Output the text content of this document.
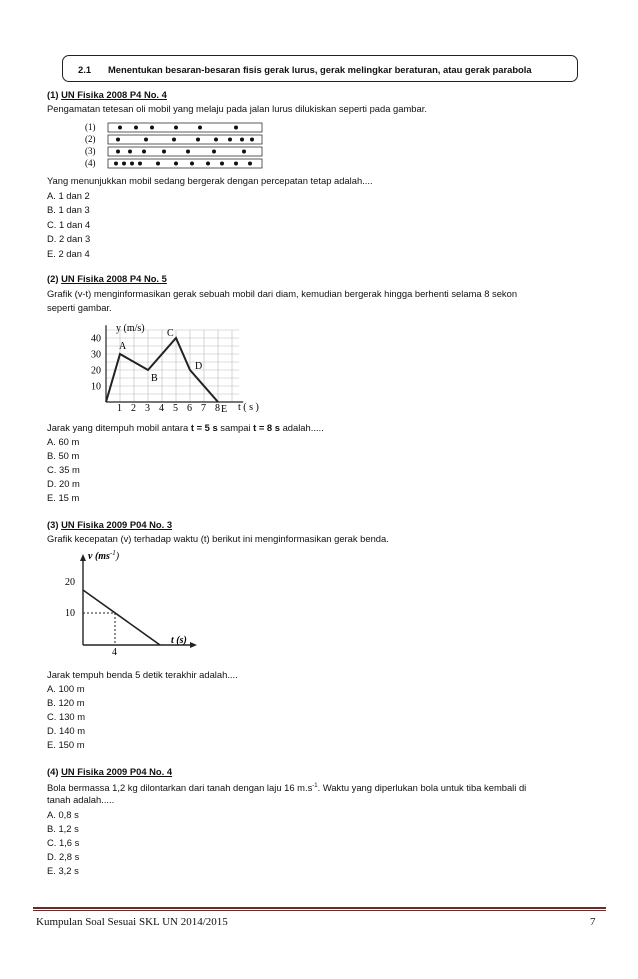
2.1 Menentukan besaran-besaran fisis gerak lurus, gerak melingkar beraturan, atau gerak parabola
(1) UN Fisika 2008 P4 No. 4
Pengamatan tetesan oli mobil yang melaju pada jalan lurus dilukiskan seperti pada gambar.
(1)
(2)
(3)
(4)
Yang menunjukkan mobil sedang bergerak dengan percepatan tetap adalah....
A. 1 dan 2
B. 1 dan 3
C. 1 dan 4
D. 2 dan 3
E. 2 dan 4
(2) UN Fisika 2008 P4 No. 5
Grafik (v-t) menginformasikan gerak sebuah mobil dari diam, kemudian bergerak hingga berhenti selama 8 sekon
seperti gambar.
10
20
30
40
1 2 3 4 5 6 7 8
A
B
C
D
E
y (m/s)
t ( s )
Jarak yang ditempuh mobil antara t = 5 s sampai t = 8 s adalah.....
A. 60 m
B. 50 m
C. 35 m
D. 20 m
E. 15 m
(3) UN Fisika 2009 P04 No. 3
Grafik kecepatan (v) terhadap waktu (t) berikut ini menginformasikan gerak benda.
20
10
4
v $(ms^{-1})$
t (s)
Jarak tempuh benda 5 detik terakhir adalah....
A. 100 m
B. 120 m
C. 130 m
D. 140 m
E. 150 m
(4) UN Fisika 2009 P04 No. 4
Bola bermassa 1,2 kg dilontarkan dari tanah dengan laju 16 $m.s^{-1}$. Waktu yang diperlukan bola untuk tiba kembali di
tanah adalah.....
A. 0,8 s
B. 1,2 s
C. 1,6 s
D. 2,8 s
E. 3,2 s
Kumpulan Soal Sesuai SKL UN 2014/2015	7
